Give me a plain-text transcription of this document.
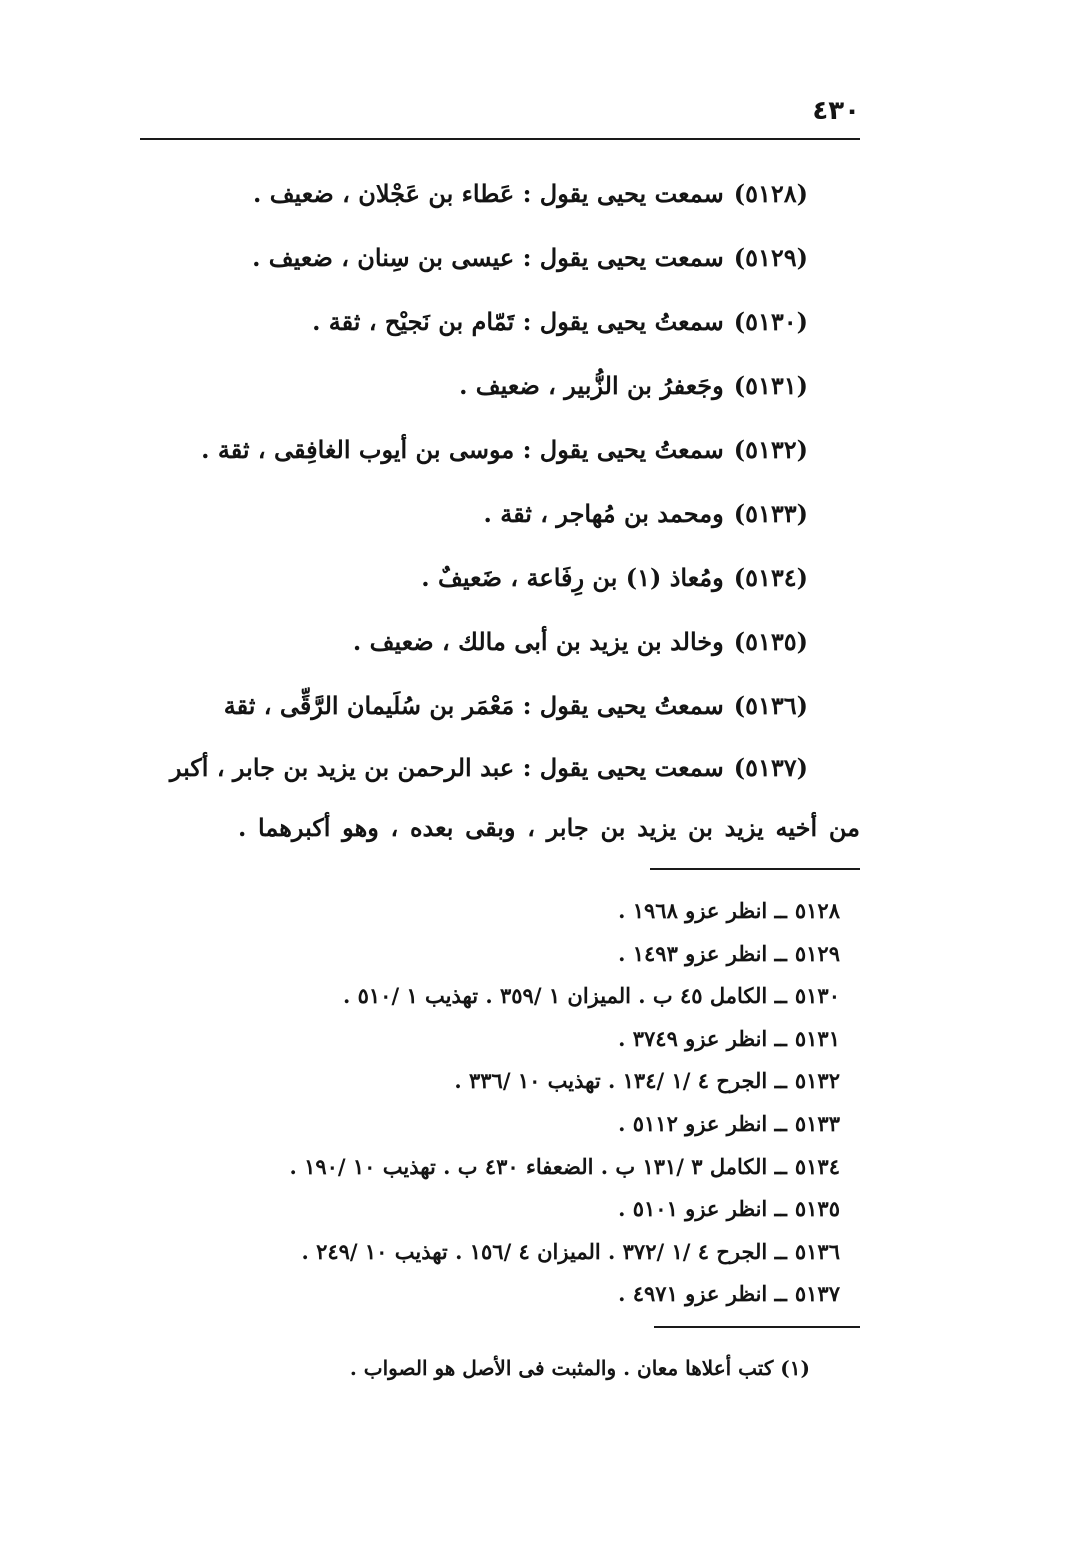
٤٣٠
(٥١٢٨)سمعت يحيى يقول : عَطاء بن عَجْلان ، ضعيف .
(٥١٢٩)سمعت يحيى يقول : عيسى بن سِنان ، ضعيف .
(٥١٣٠)سمعتُ يحيى يقول : تَمّام بن نَجيْح ، ثقة .
(٥١٣١)وجَعفرُ بن الزُّبير ، ضعيف .
(٥١٣٢)سمعتُ يحيى يقول : موسى بن أيوب الغافِقى ، ثقة .
(٥١٣٣)ومحمد بن مُهاجر ، ثقة .
(٥١٣٤)ومُعاذ (١) بن رِفَاعة ، ضَعيفٌ .
(٥١٣٥)وخالد بن يزيد بن أبى مالك ، ضعيف .
(٥١٣٦)سمعتُ يحيى يقول : مَعْمَر بن سُلَيمان الرَّقِّى ، ثقة
(٥١٣٧)سمعت يحيى يقول : عبد الرحمن بن يزيد بن جابر ، أكبر
من أخيه يزيد بن يزيد بن جابر ، وبقى بعده ، وهو أكبرهما .
٥١٢٨ــ انظر عزو ١٩٦٨ .
٥١٢٩ــ انظر عزو ١٤٩٣ .
٥١٣٠ــ الكامل ٤٥ ب . الميزان ١ /٣٥٩ . تهذيب ١ /٥١٠ .
٥١٣١ــ انظر عزو ٣٧٤٩ .
٥١٣٢ــ الجرح ٤ /١ /١٣٤ . تهذيب ١٠ /٣٣٦ .
٥١٣٣ــ انظر عزو ٥١١٢ .
٥١٣٤ــ الكامل ٣ /١٣١ ب . الضعفاء ٤٣٠ ب . تهذيب ١٠ /١٩٠ .
٥١٣٥ــ انظر عزو ٥١٠١ .
٥١٣٦ــ الجرح ٤ /١ /٣٧٢ . الميزان ٤ /١٥٦ . تهذيب ١٠ /٢٤٩ .
٥١٣٧ــ انظر عزو ٤٩٧١ .
(١) كتب أعلاها معان . والمثبت فى الأصل هو الصواب .
